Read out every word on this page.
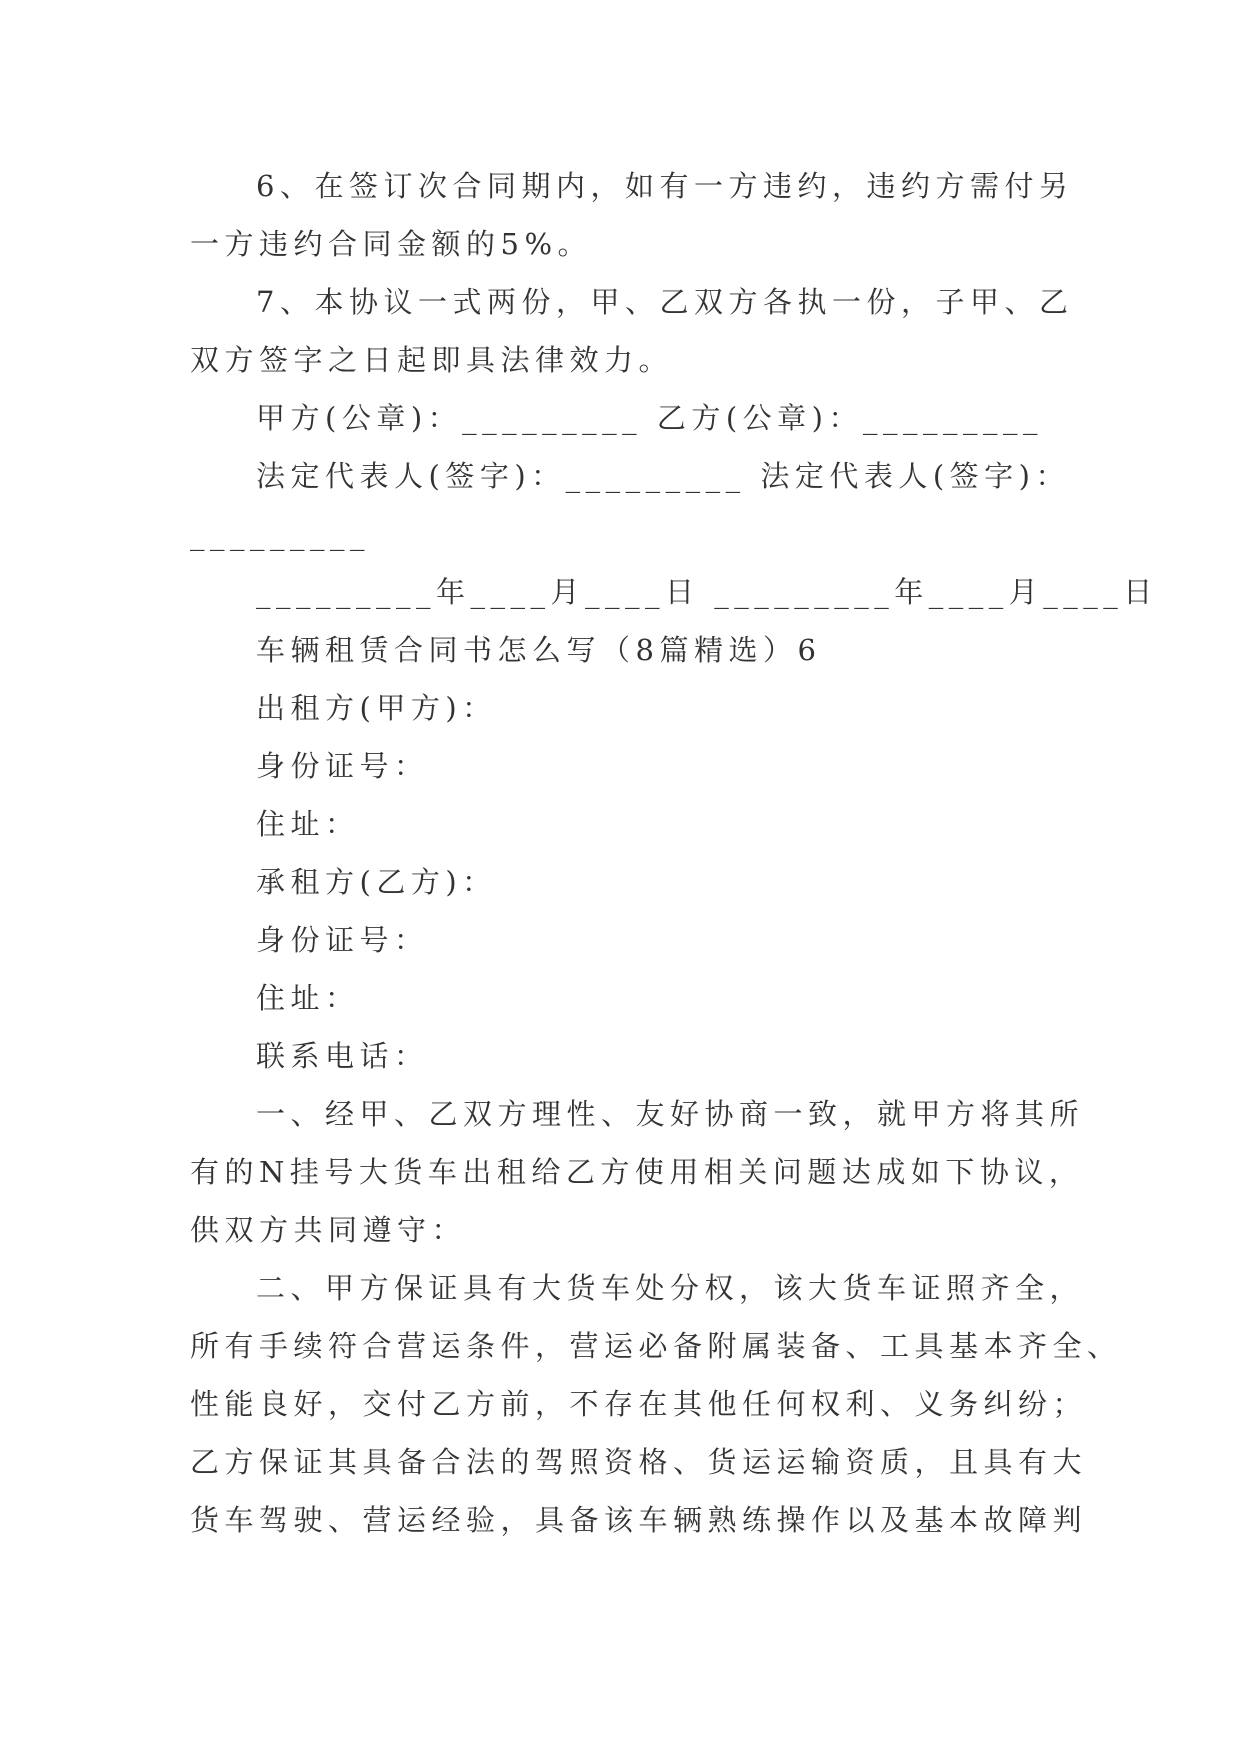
6、在签订次合同期内，如有一方违约，违约方需付另
一方违约合同金额的5%。
7、本协议一式两份，甲、乙双方各执一份，子甲、乙
双方签字之日起即具法律效力。
甲方(公章)：_________ 乙方(公章)：_________
法定代表人(签字)：_________ 法定代表人(签字)：
_________
_________年____月____日 _________年____月____日
车辆租赁合同书怎么写（8篇精选）6
出租方(甲方)：
身份证号：
住址：
承租方(乙方)：
身份证号：
住址：
联系电话：
一、经甲、乙双方理性、友好协商一致，就甲方将其所
有的N挂号大货车出租给乙方使用相关问题达成如下协议，
供双方共同遵守：
二、甲方保证具有大货车处分权，该大货车证照齐全，
所有手续符合营运条件，营运必备附属装备、工具基本齐全、
性能良好，交付乙方前，不存在其他任何权利、义务纠纷；
乙方保证其具备合法的驾照资格、货运运输资质，且具有大
货车驾驶、营运经验，具备该车辆熟练操作以及基本故障判
